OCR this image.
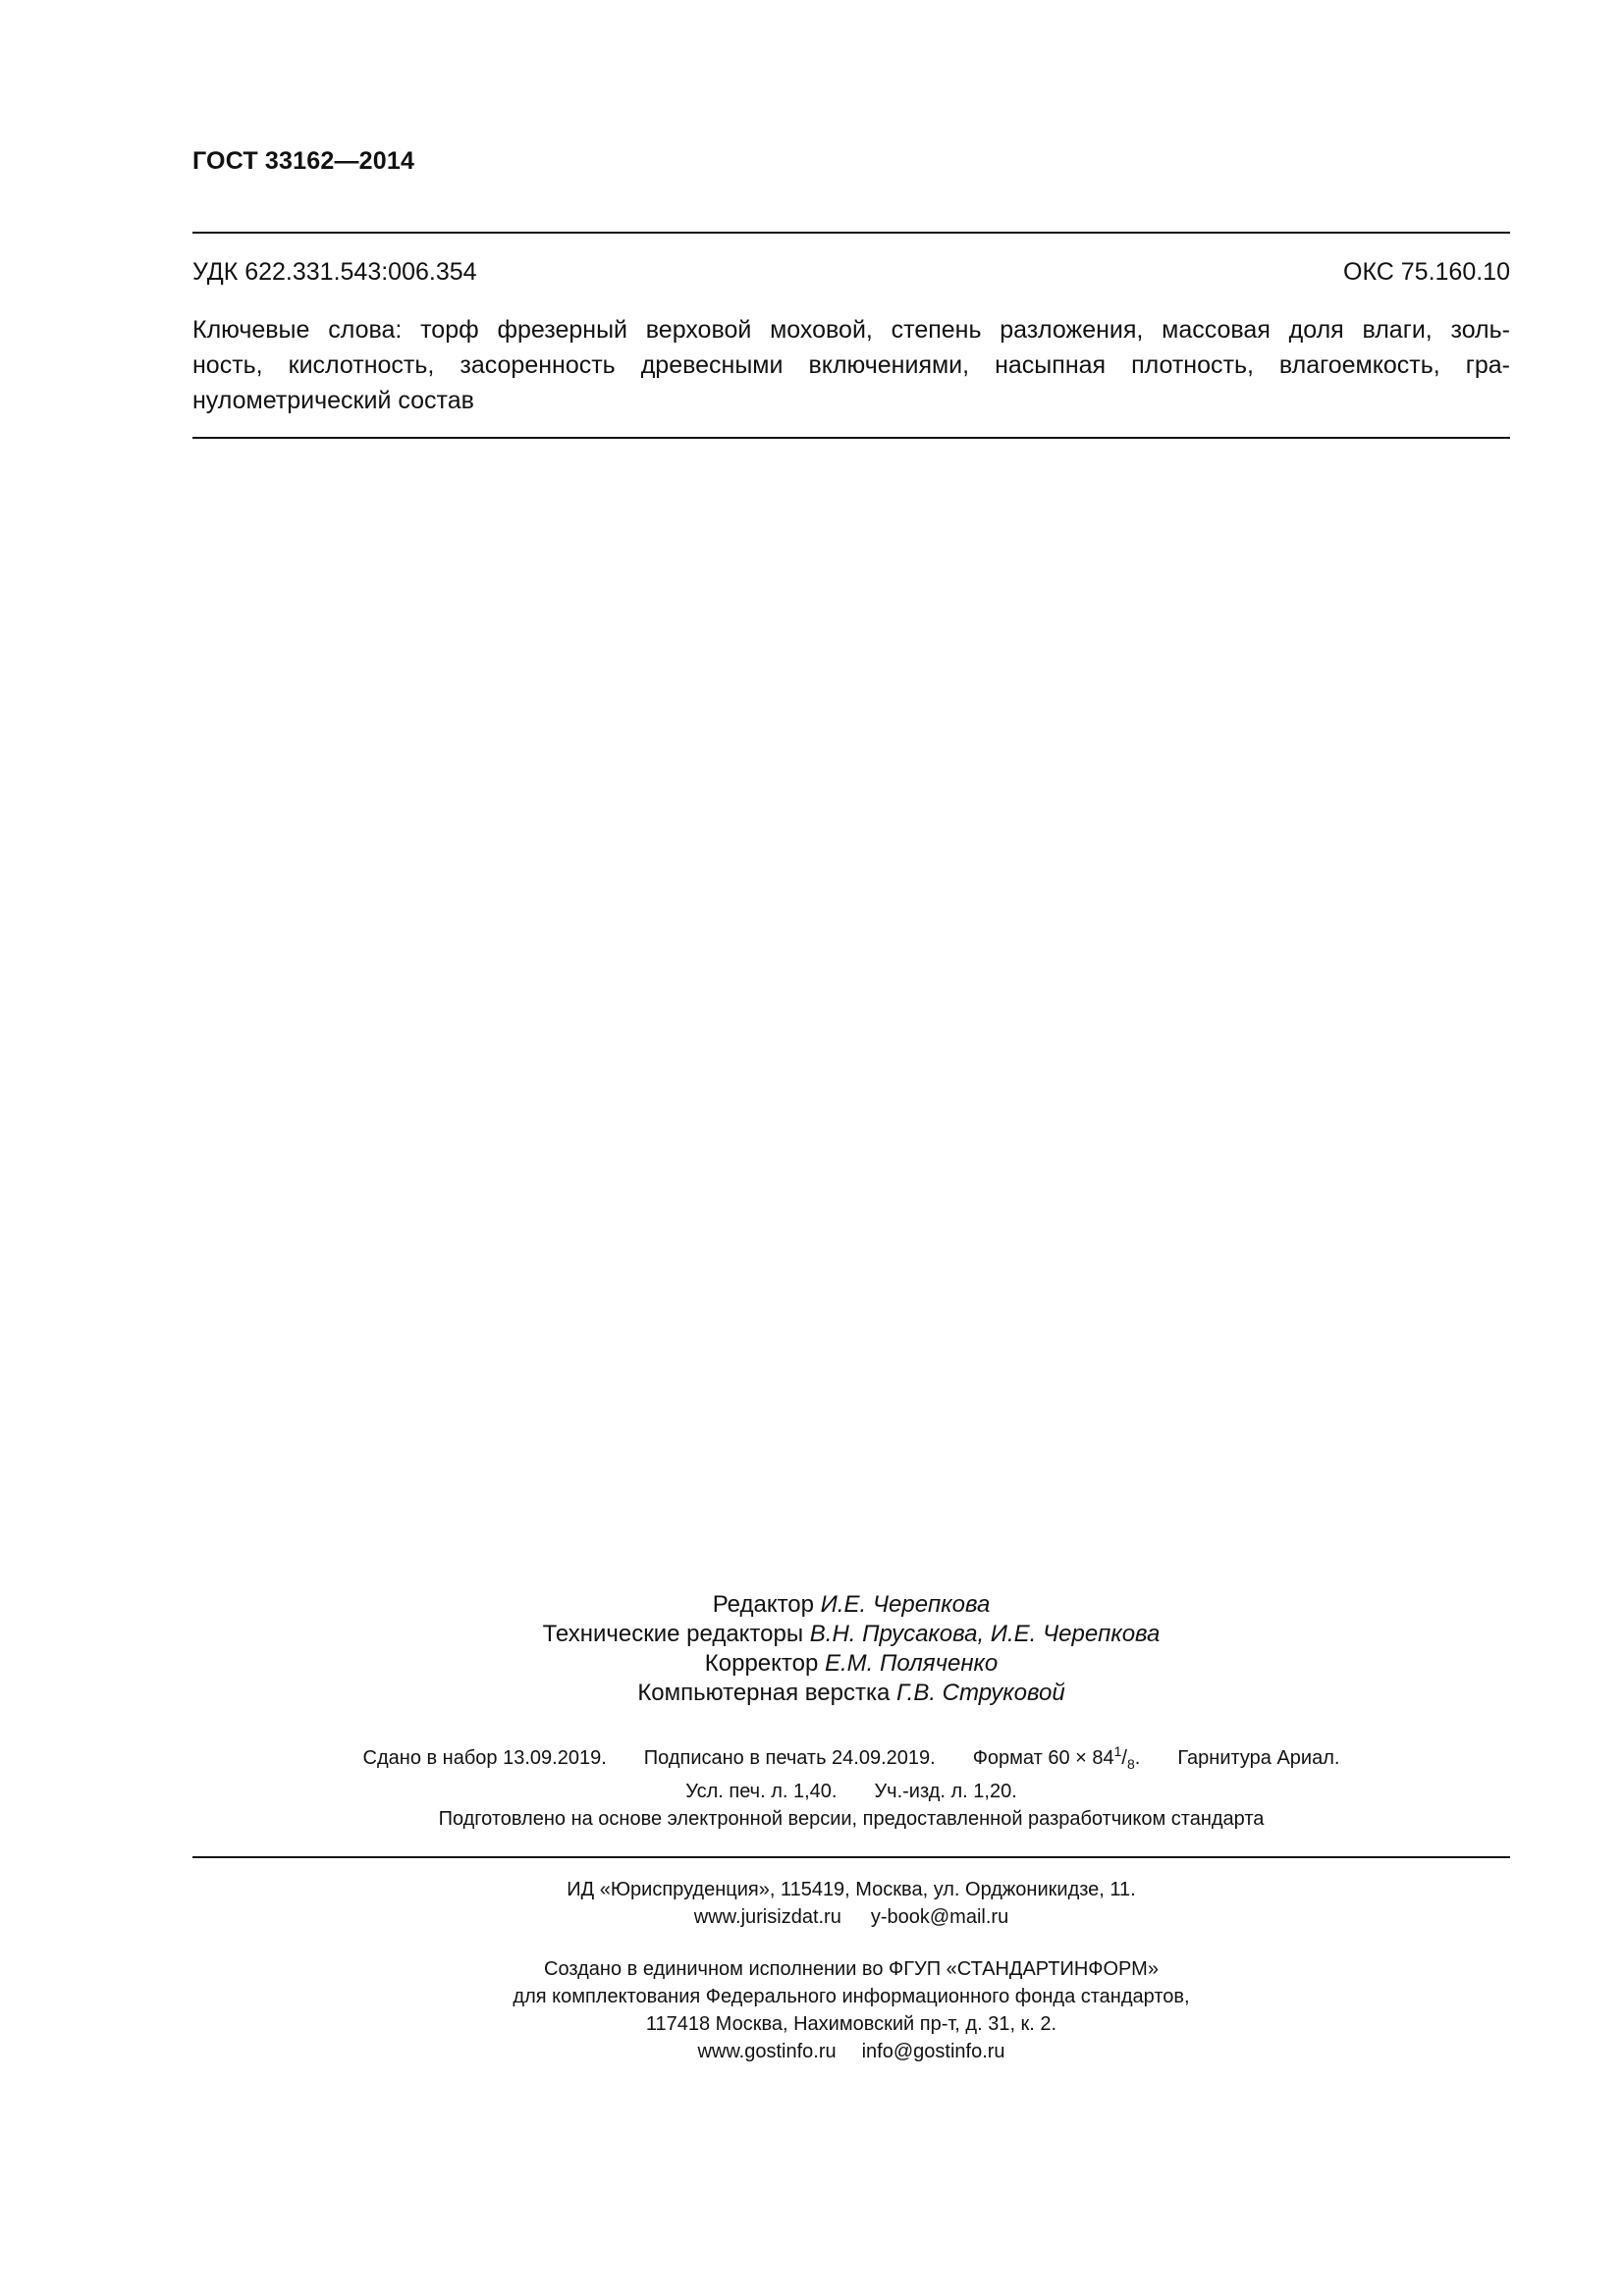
ГОСТ 33162—2014
УДК 622.331.543:006.354	ОКС 75.160.10
Ключевые слова: торф фрезерный верховой моховой, степень разложения, массовая доля влаги, золь-
ность, кислотность, засоренность древесными включениями, насыпная плотность, влагоемкость, гра-
нулометрический состав
Редактор И.Е. Черепкова
Технические редакторы В.Н. Прусакова, И.Е. Черепкова
Корректор Е.М. Поляченко
Компьютерная верстка Г.В. Струковой
Сдано в набор 13.09.2019. Подписано в печать 24.09.2019. Формат $60 \times 84^1/_8$. Гарнитура Ариал.
Усл. печ. л. 1,40. Уч.-изд. л. 1,20.
Подготовлено на основе электронной версии, предоставленной разработчиком стандарта
ИД «Юриспруденция», 115419, Москва, ул. Орджоникидзе, 11.
www.jurisizdat.ru y-book@mail.ru
Создано в единичном исполнении во ФГУП «СТАНДАРТИНФОРМ»
для комплектования Федерального информационного фонда стандартов,
117418 Москва, Нахимовский пр-т, д. 31, к. 2.
www.gostinfo.ru info@gostinfo.ru
